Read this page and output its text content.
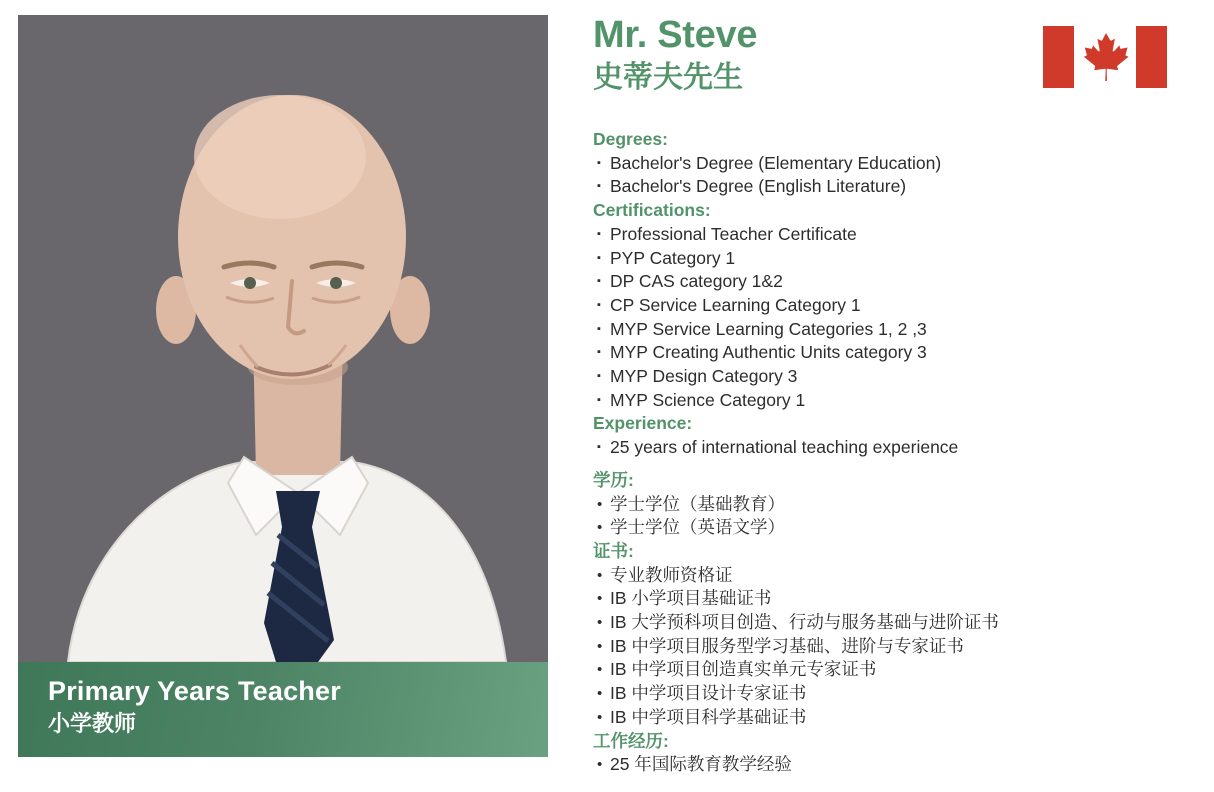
Primary Years Teacher
小学教师
Mr. Steve
史蒂夫先生
Degrees:
▪ Bachelor's Degree (Elementary Education)
▪ Bachelor's Degree (English Literature)
Certifications:
▪ Professional Teacher Certificate
▪ PYP Category 1
▪ DP CAS category 1&2
▪ CP Service Learning Category 1
▪ MYP Service Learning Categories 1, 2 ,3
▪ MYP Creating Authentic Units category 3
▪ MYP Design Category 3
▪ MYP Science Category 1
Experience:
▪ 25 years of international teaching experience
学历:
• 学士学位（基础教育）
• 学士学位（英语文学）
证书:
• 专业教师资格证
• IB 小学项目基础证书
• IB 大学预科项目创造、行动与服务基础与进阶证书
• IB 中学项目服务型学习基础、进阶与专家证书
• IB 中学项目创造真实单元专家证书
• IB 中学项目设计专家证书
• IB 中学项目科学基础证书
工作经历:
• 25 年国际教育教学经验
